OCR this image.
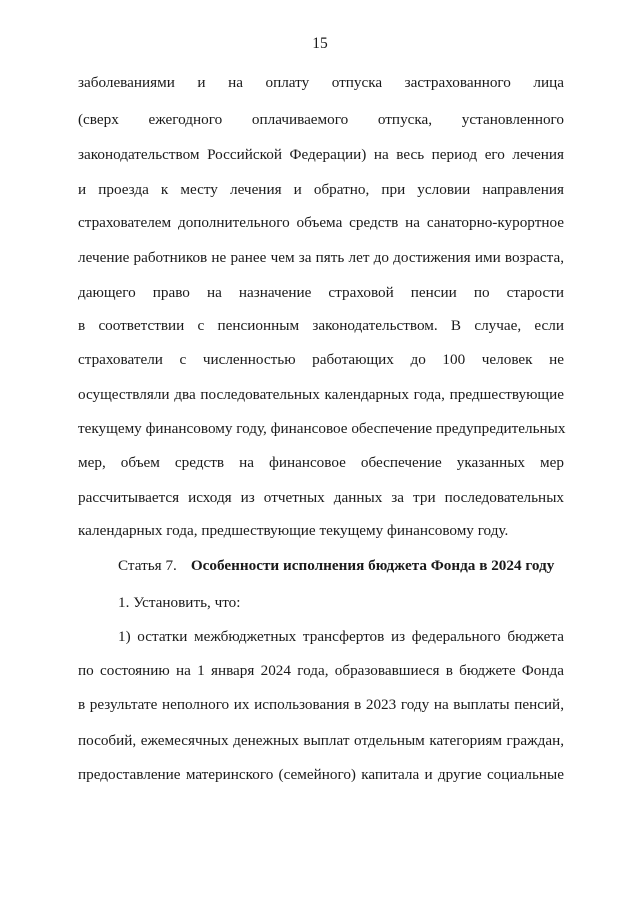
15
заболеваниями и на оплату отпуска застрахованного лица
(сверх ежегодного оплачиваемого отпуска, установленного
законодательством Российской Федерации) на весь период его лечения
и проезда к месту лечения и обратно, при условии направления
страхователем дополнительного объема средств на санаторно-курортное
лечение работников не ранее чем за пять лет до достижения ими возраста,
дающего право на назначение страховой пенсии по старости
в соответствии с пенсионным законодательством. В случае, если
страхователи с численностью работающих до 100 человек не
осуществляли два последовательных календарных года, предшествующие
текущему финансовому году, финансовое обеспечение предупредительных
мер, объем средств на финансовое обеспечение указанных мер
рассчитывается исходя из отчетных данных за три последовательных
календарных года, предшествующие текущему финансовому году.
Статья 7. Особенности исполнения бюджета Фонда в 2024 году
1. Установить, что:
1) остатки межбюджетных трансфертов из федерального бюджета
по состоянию на 1 января 2024 года, образовавшиеся в бюджете Фонда
в результате неполного их использования в 2023 году на выплаты пенсий,
пособий, ежемесячных денежных выплат отдельным категориям граждан,
предоставление материнского (семейного) капитала и другие социальные
